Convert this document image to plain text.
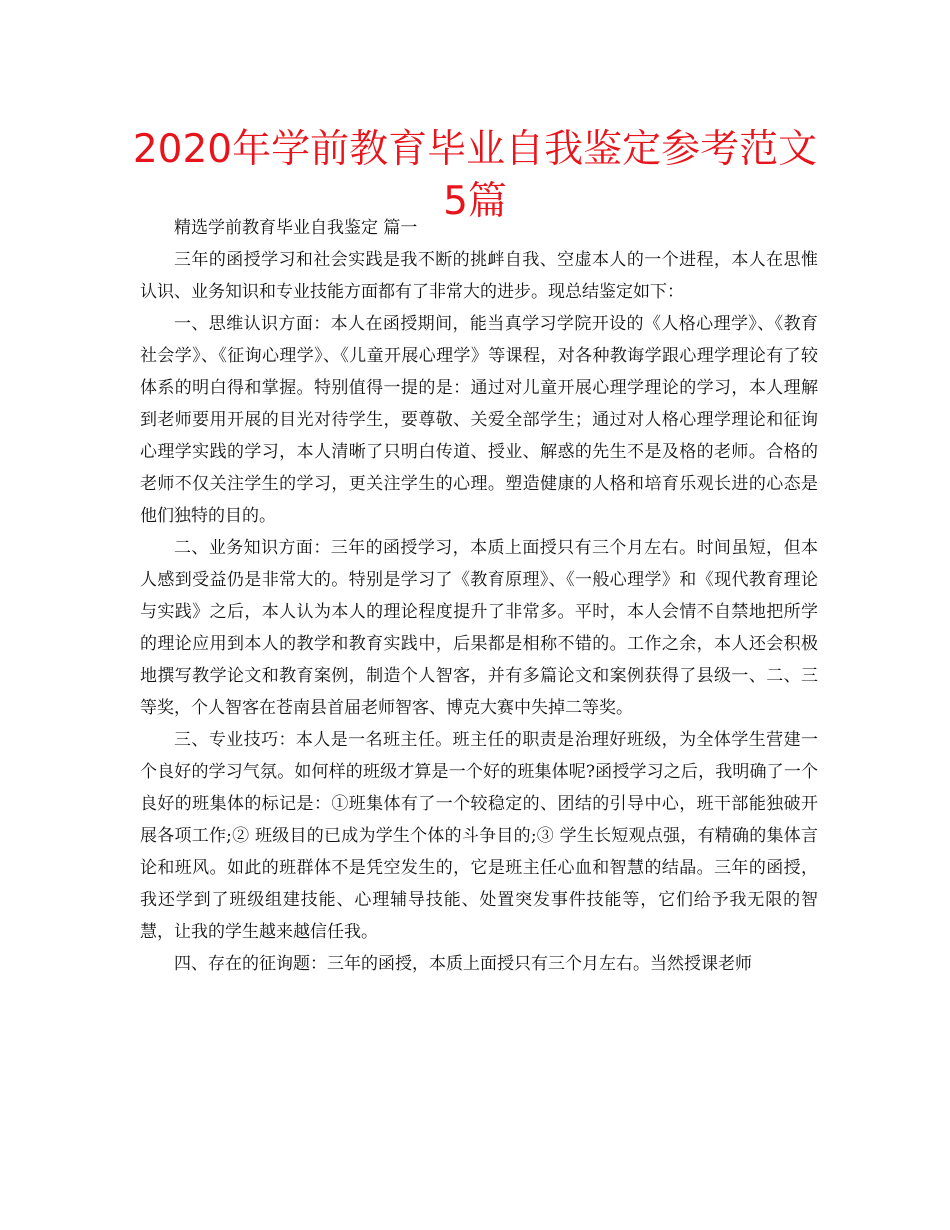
2020年学前教育毕业自我鉴定参考范文5篇

精选学前教育毕业自我鉴定 篇一

三年的函授学习和社会实践是我不断的挑衅自我、空虚本人的一个进程，本人在思惟认识、业务知识和专业技能方面都有了非常大的进步。现总结鉴定如下：

一、思维认识方面：本人在函授期间，能当真学习学院开设的《人格心理学》、《教育社会学》、《征询心理学》、《儿童开展心理学》等课程，对各种教诲学跟心理学理论有了较体系的明白得和掌握。特别值得一提的是：通过对儿童开展心理学理论的学习，本人理解到老师要用开展的目光对待学生，要尊敬、关爱全部学生；通过对人格心理学理论和征询心理学实践的学习，本人清晰了只明白传道、授业、解惑的先生不是及格的老师。合格的老师不仅关注学生的学习，更关注学生的心理。塑造健康的人格和培育乐观长进的心态是他们独特的目的。

二、业务知识方面：三年的函授学习，本质上面授只有三个月左右。时间虽短，但本人感到受益仍是非常大的。特别是学习了《教育原理》、《一般心理学》和《现代教育理论与实践》之后，本人认为本人的理论程度提升了非常多。平时，本人会情不自禁地把所学的理论应用到本人的教学和教育实践中，后果都是相称不错的。工作之余，本人还会积极地撰写教学论文和教育案例，制造个人智客，并有多篇论文和案例获得了县级一、二、三等奖，个人智客在苍南县首届老师智客、博克大赛中失掉二等奖。

三、专业技巧：本人是一名班主任。班主任的职责是治理好班级，为全体学生营建一个良好的学习气氛。如何样的班级才算是一个好的班集体呢?函授学习之后，我明确了一个良好的班集体的标记是：①班集体有了一个较稳定的、团结的引导中心，班干部能独破开展各项工作;② 班级目的已成为学生个体的斗争目的;③ 学生长短观点强，有精确的集体言论和班风。如此的班群体不是凭空发生的，它是班主任心血和智慧的结晶。三年的函授，我还学到了班级组建技能、心理辅导技能、处置突发事件技能等，它们给予我无限的智慧，让我的学生越来越信任我。

四、存在的征询题：三年的函授，本质上面授只有三个月左右。当然授课老师
